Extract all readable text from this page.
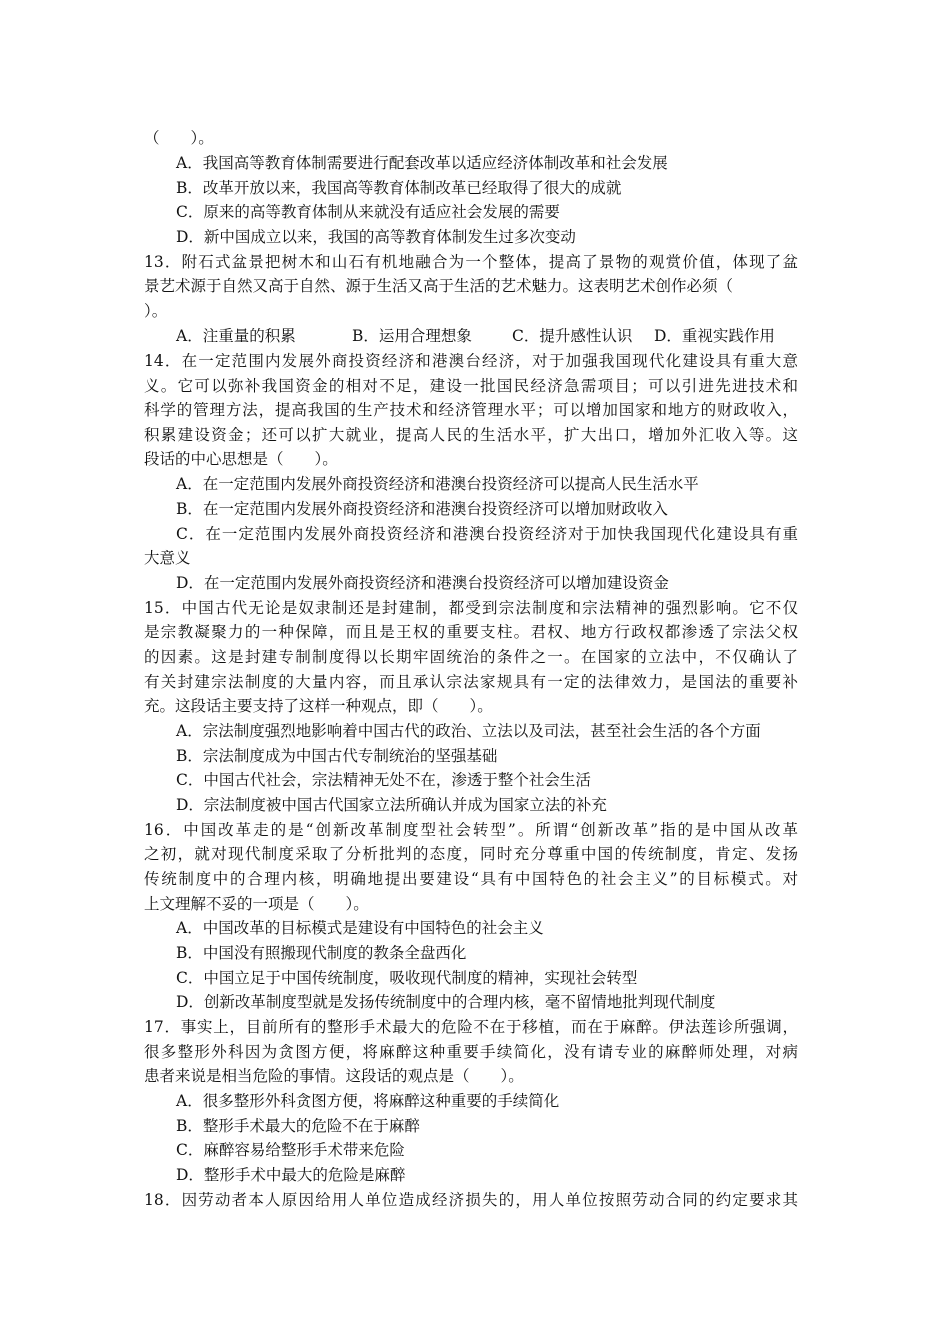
（　　）。
A．我国高等教育体制需要进行配套改革以适应经济体制改革和社会发展
B．改革开放以来，我国高等教育体制改革已经取得了很大的成就
C．原来的高等教育体制从来就没有适应社会发展的需要
D．新中国成立以来，我国的高等教育体制发生过多次变动
13．附石式盆景把树木和山石有机地融合为一个整体，提高了景物的观赏价值，体现了盆
景艺术源于自然又高于自然、源于生活又高于生活的艺术魅力。这表明艺术创作必须（
）。
A．注重量的积累	B．运用合理想象	C．提升感性认识 D．重视实践作用
14．在一定范围内发展外商投资经济和港澳台经济，对于加强我国现代化建设具有重大意
义。它可以弥补我国资金的相对不足，建设一批国民经济急需项目；可以引进先进技术和
科学的管理方法，提高我国的生产技术和经济管理水平；可以增加国家和地方的财政收入，
积累建设资金；还可以扩大就业，提高人民的生活水平，扩大出口，增加外汇收入等。这
段话的中心思想是（　　）。
A．在一定范围内发展外商投资经济和港澳台投资经济可以提高人民生活水平
B．在一定范围内发展外商投资经济和港澳台投资经济可以增加财政收入
C．在一定范围内发展外商投资经济和港澳台投资经济对于加快我国现代化建设具有重
大意义
D．在一定范围内发展外商投资经济和港澳台投资经济可以增加建设资金
15．中国古代无论是奴隶制还是封建制，都受到宗法制度和宗法精神的强烈影响。它不仅
是宗教凝聚力的一种保障，而且是王权的重要支柱。君权、地方行政权都渗透了宗法父权
的因素。这是封建专制制度得以长期牢固统治的条件之一。在国家的立法中，不仅确认了
有关封建宗法制度的大量内容，而且承认宗法家规具有一定的法律效力，是国法的重要补
充。这段话主要支持了这样一种观点，即（　　）。
A．宗法制度强烈地影响着中国古代的政治、立法以及司法，甚至社会生活的各个方面
B．宗法制度成为中国古代专制统治的坚强基础
C．中国古代社会，宗法精神无处不在，渗透于整个社会生活
D．宗法制度被中国古代国家立法所确认并成为国家立法的补充
16．中国改革走的是“创新改革制度型社会转型”。所谓“创新改革”指的是中国从改革
之初，就对现代制度采取了分析批判的态度，同时充分尊重中国的传统制度，肯定、发扬
传统制度中的合理内核，明确地提出要建设“具有中国特色的社会主义”的目标模式。对
上文理解不妥的一项是（　　）。
A．中国改革的目标模式是建设有中国特色的社会主义
B．中国没有照搬现代制度的教条全盘西化
C．中国立足于中国传统制度，吸收现代制度的精神，实现社会转型
D．创新改革制度型就是发扬传统制度中的合理内核，毫不留情地批判现代制度
17．事实上，目前所有的整形手术最大的危险不在于移植，而在于麻醉。伊法莲诊所强调，
很多整形外科因为贪图方便，将麻醉这种重要手续简化，没有请专业的麻醉师处理，对病
患者来说是相当危险的事情。这段话的观点是（　　）。
A．很多整形外科贪图方便，将麻醉这种重要的手续简化
B．整形手术最大的危险不在于麻醉
C．麻醉容易给整形手术带来危险
D．整形手术中最大的危险是麻醉
18．因劳动者本人原因给用人单位造成经济损失的，用人单位按照劳动合同的约定要求其
